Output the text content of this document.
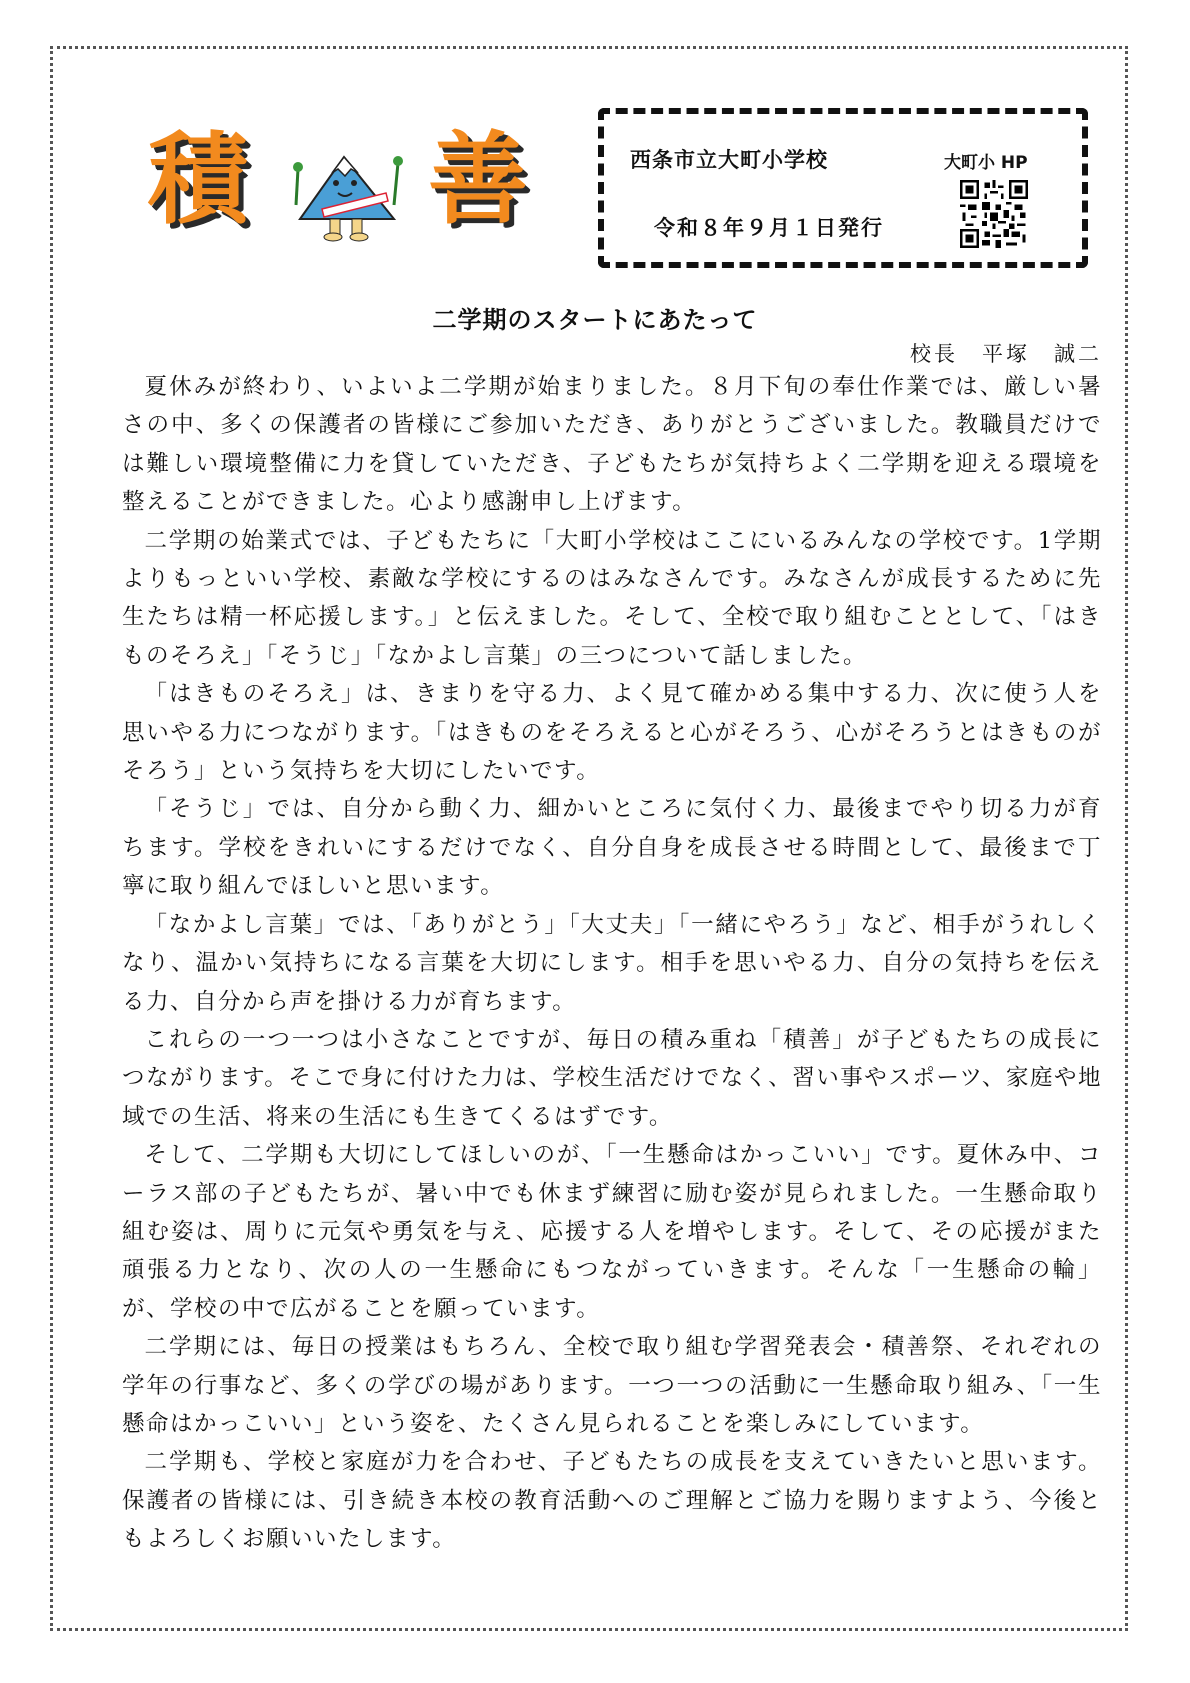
積 善	西条市立大町小学校	大町小 HP
令和８年９月１日発行
二学期のスタートにあたって
校長　平塚　誠二

夏休みが終わり、いよいよ二学期が始まりました。８月下旬の奉仕作業では、厳しい暑さの中、多くの保護者の皆様にご参加いただき、ありがとうございました。教職員だけでは難しい環境整備に力を貸していただき、子どもたちが気持ちよく二学期を迎える環境を整えることができました。心より感謝申し上げます。

二学期の始業式では、子どもたちに「大町小学校はここにいるみんなの学校です。1学期よりもっといい学校、素敵な学校にするのはみなさんです。みなさんが成長するために先生たちは精一杯応援します。」と伝えました。そして、全校で取り組むこととして、「はきものそろえ」「そうじ」「なかよし言葉」の三つについて話しました。

「はきものそろえ」は、きまりを守る力、よく見て確かめる集中する力、次に使う人を思いやる力につながります。「はきものをそろえると心がそろう、心がそろうとはきものがそろう」という気持ちを大切にしたいです。

「そうじ」では、自分から動く力、細かいところに気付く力、最後までやり切る力が育ちます。学校をきれいにするだけでなく、自分自身を成長させる時間として、最後まで丁寧に取り組んでほしいと思います。

「なかよし言葉」では、「ありがとう」「大丈夫」「一緒にやろう」など、相手がうれしくなり、温かい気持ちになる言葉を大切にします。相手を思いやる力、自分の気持ちを伝える力、自分から声を掛ける力が育ちます。

これらの一つ一つは小さなことですが、毎日の積み重ね「積善」が子どもたちの成長につながります。そこで身に付けた力は、学校生活だけでなく、習い事やスポーツ、家庭や地域での生活、将来の生活にも生きてくるはずです。

そして、二学期も大切にしてほしいのが、「一生懸命はかっこいい」です。夏休み中、コーラス部の子どもたちが、暑い中でも休まず練習に励む姿が見られました。一生懸命取り組む姿は、周りに元気や勇気を与え、応援する人を増やします。そして、その応援がまた頑張る力となり、次の人の一生懸命にもつながっていきます。そんな「一生懸命の輪」が、学校の中で広がることを願っています。

二学期には、毎日の授業はもちろん、全校で取り組む学習発表会・積善祭、それぞれの学年の行事など、多くの学びの場があります。一つ一つの活動に一生懸命取り組み、「一生懸命はかっこいい」という姿を、たくさん見られることを楽しみにしています。

二学期も、学校と家庭が力を合わせ、子どもたちの成長を支えていきたいと思います。保護者の皆様には、引き続き本校の教育活動へのご理解とご協力を賜りますよう、今後ともよろしくお願いいたします。
